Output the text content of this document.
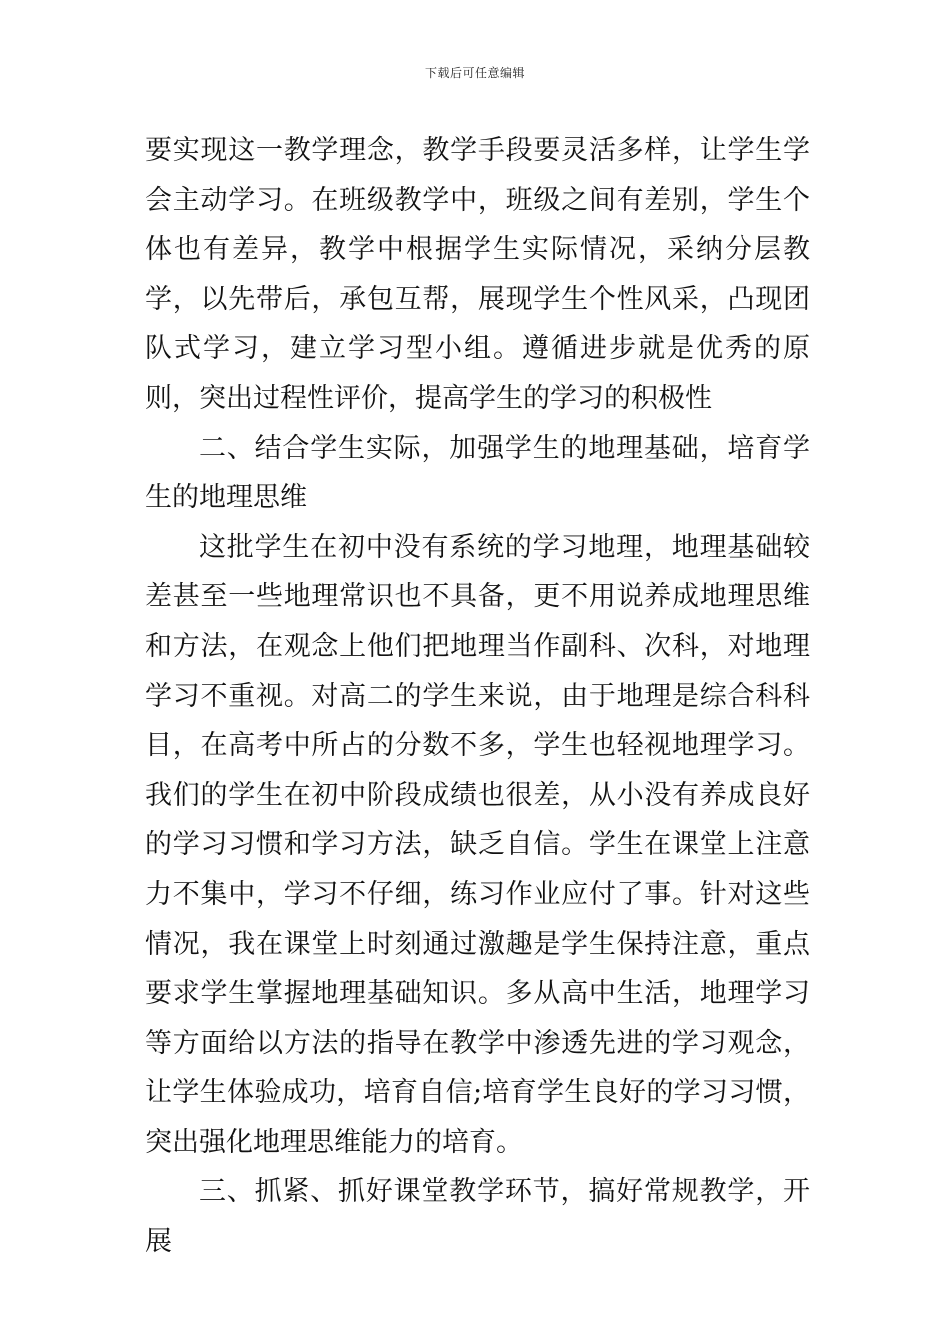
下载后可任意编辑

要实现这一教学理念，教学手段要灵活多样，让学生学会主动学习。在班级教学中，班级之间有差别，学生个体也有差异，教学中根据学生实际情况，采纳分层教学，以先带后，承包互帮，展现学生个性风采，凸现团队式学习，建立学习型小组。遵循进步就是优秀的原则，突出过程性评价，提高学生的学习的积极性

二、结合学生实际，加强学生的地理基础，培育学生的地理思维

这批学生在初中没有系统的学习地理，地理基础较差甚至一些地理常识也不具备，更不用说养成地理思维和方法，在观念上他们把地理当作副科、次科，对地理学习不重视。对高二的学生来说，由于地理是综合科科目，在高考中所占的分数不多，学生也轻视地理学习。我们的学生在初中阶段成绩也很差，从小没有养成良好的学习习惯和学习方法，缺乏自信。学生在课堂上注意力不集中，学习不仔细，练习作业应付了事。针对这些情况，我在课堂上时刻通过激趣是学生保持注意，重点要求学生掌握地理基础知识。多从高中生活，地理学习等方面给以方法的指导在教学中渗透先进的学习观念，让学生体验成功，培育自信;培育学生良好的学习习惯，突出强化地理思维能力的培育。

三、抓紧、抓好课堂教学环节，搞好常规教学，开展
